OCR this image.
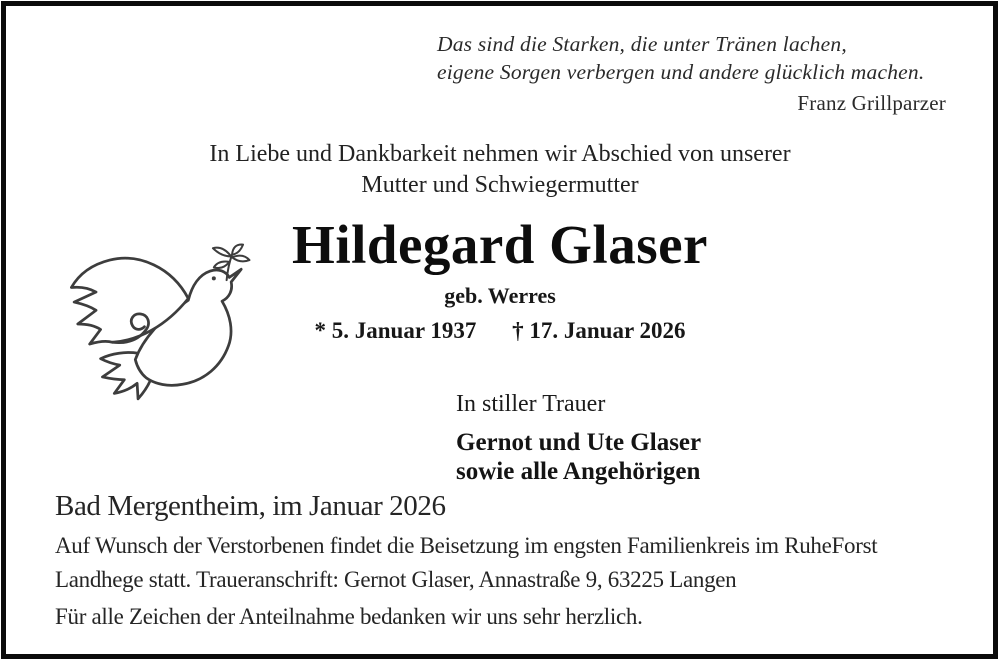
Das sind die Starken, die unter Tränen lachen,
eigene Sorgen verbergen und andere glücklich machen.
Franz Grillparzer
In Liebe und Dankbarkeit nehmen wir Abschied von unserer
Mutter und Schwiegermutter
Hildegard Glaser
geb. Werres
* 5. Januar 1937 † 17. Januar 2026
In stiller Trauer
Gernot und Ute Glaser
sowie alle Angehörigen
Bad Mergentheim, im Januar 2026
Auf Wunsch der Verstorbenen findet die Beisetzung im engsten Familienkreis im RuheForst
Landhege statt. Traueranschrift: Gernot Glaser, Annastraße 9, 63225 Langen
Für alle Zeichen der Anteilnahme bedanken wir uns sehr herzlich.
